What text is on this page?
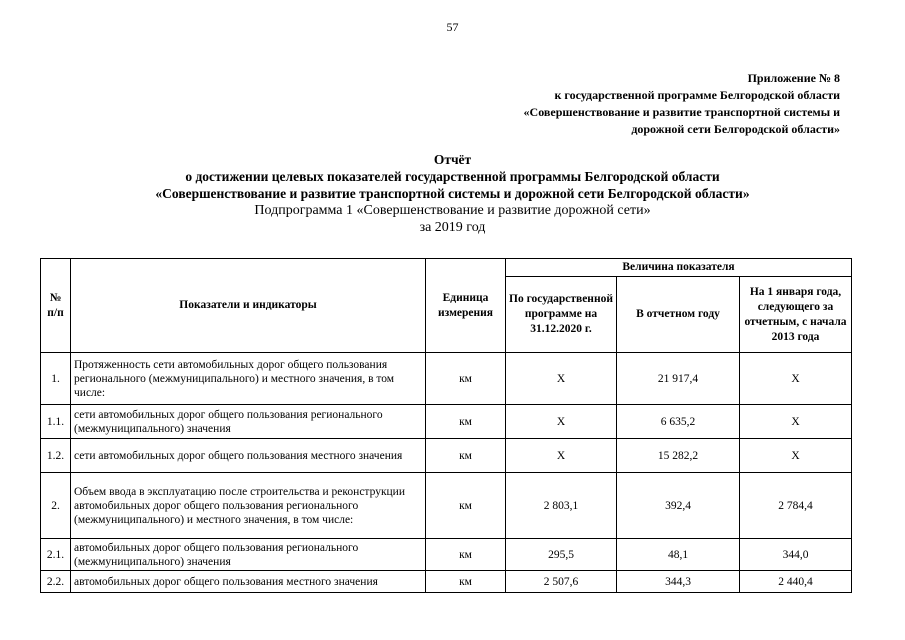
57
Приложение № 8
к государственной программе Белгородской области
«Совершенствование и развитие транспортной системы и
дорожной сети Белгородской области»
Отчёт
о достижении целевых показателей государственной программы Белгородской области
«Совершенствование и развитие транспортной системы и дорожной сети Белгородской области»
Подпрограмма 1 «Совершенствование и развитие дорожной сети»
за 2019 год
№ п/п	Показатели и индикаторы	Единица измерения	Величина показателя		
			По государственной программе на 31.12.2020 г.	В отчетном году	На 1 января года, следующего за отчетным, с начала 2013 года
1.	Протяженность сети автомобильных дорог общего пользования регионального (межмуниципального) и местного значения, в том числе:	км	X	21 917,4	X
1.1.	сети автомобильных дорог общего пользования регионального (межмуниципального) значения	км	X	6 635,2	X
1.2.	сети автомобильных дорог общего пользования местного значения	км	X	15 282,2	X
2.	Объем ввода в эксплуатацию после строительства и реконструкции автомобильных дорог общего пользования регионального (межмуниципального) и местного значения, в том числе:	км	2 803,1	392,4	2 784,4
2.1.	автомобильных дорог общего пользования регионального (межмуниципального) значения	км	295,5	48,1	344,0
2.2.	автомобильных дорог общего пользования местного значения	км	2 507,6	344,3	2 440,4
